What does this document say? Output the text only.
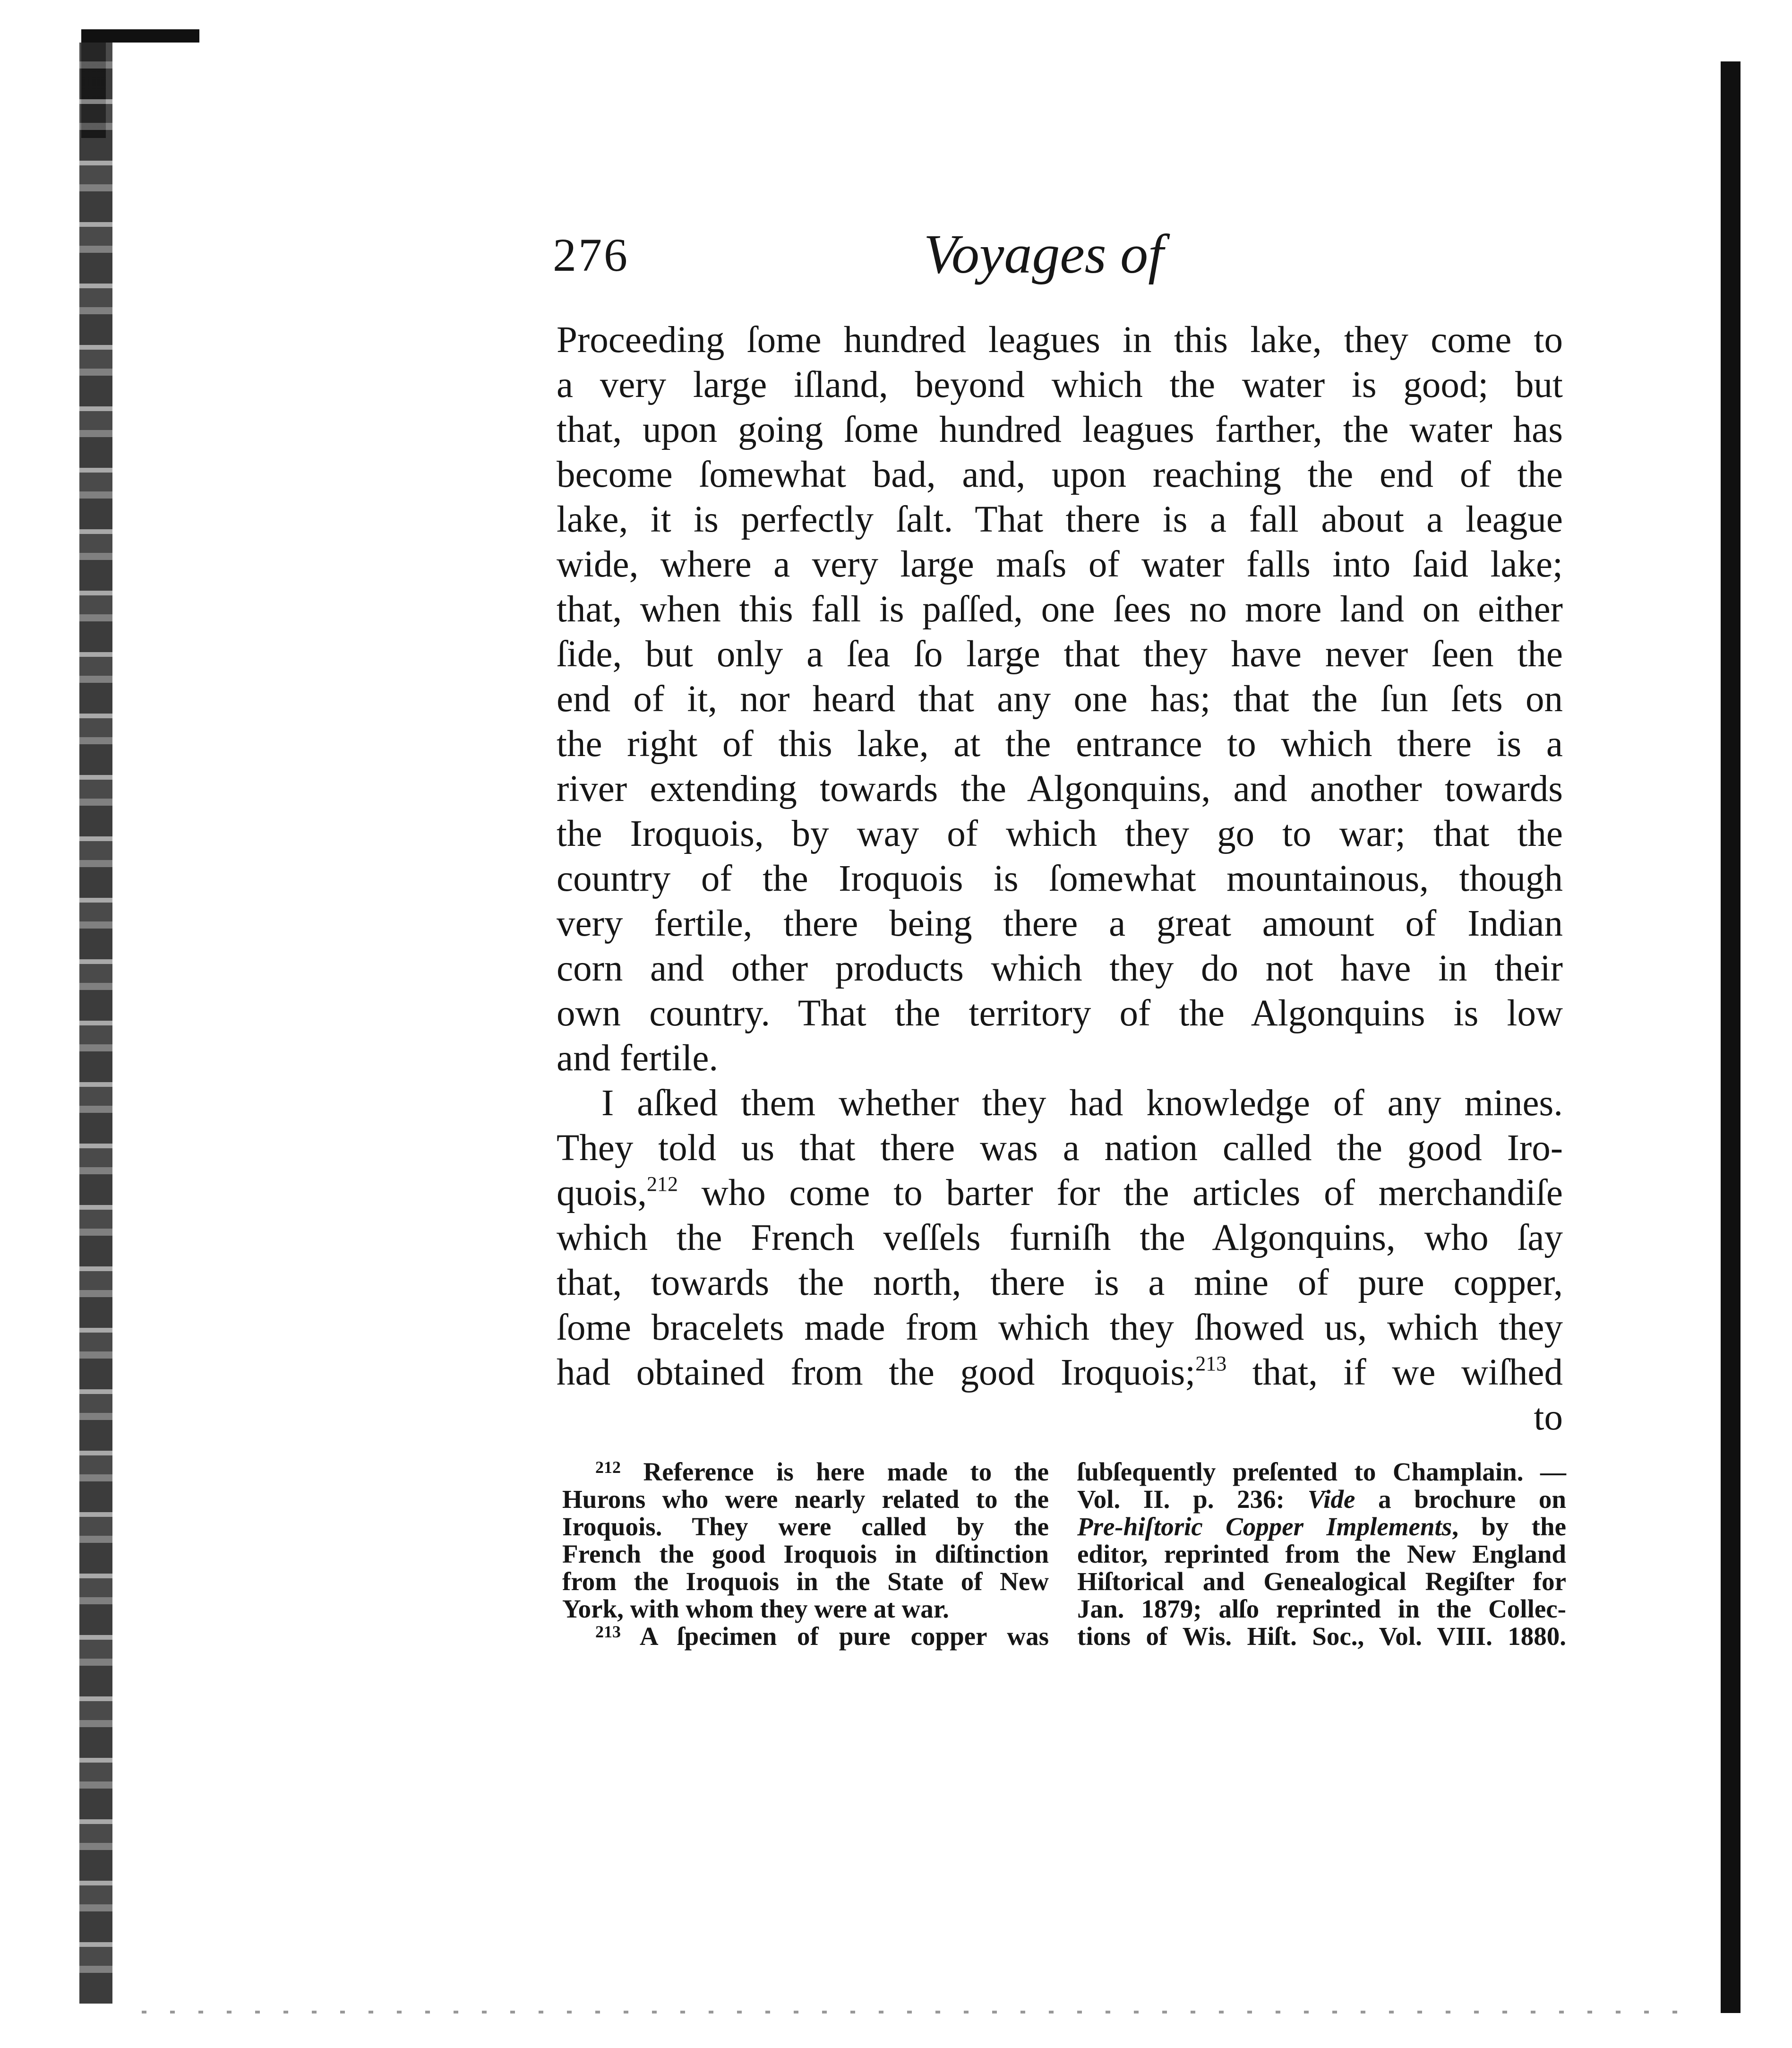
276	Voyages of
Proceeding ſome hundred leagues in this lake, they come to
a very large iſland, beyond which the water is good; but
that, upon going ſome hundred leagues farther, the water has
become ſomewhat bad, and, upon reaching the end of the
lake, it is perfectly ſalt. That there is a fall about a league
wide, where a very large maſs of water falls into ſaid lake;
that, when this fall is paſſed, one ſees no more land on either
ſide, but only a ſea ſo large that they have never ſeen the
end of it, nor heard that any one has; that the ſun ſets on
the right of this lake, at the entrance to which there is a
river extending towards the Algonquins, and another towards
the Iroquois, by way of which they go to war; that the
country of the Iroquois is ſomewhat mountainous, though
very fertile, there being there a great amount of Indian
corn and other products which they do not have in their
own country. That the territory of the Algonquins is low
and fertile.
I aſked them whether they had knowledge of any mines.
They told us that there was a nation called the good Iro-
quois,$^{212}$ who come to barter for the articles of merchandiſe
which the French veſſels furniſh the Algonquins, who ſay
that, towards the north, there is a mine of pure copper,
ſome bracelets made from which they ſhowed us, which they
had obtained from the good Iroquois;$^{213}$ that, if we wiſhed
to
$^{212}$ Reference is here made to the
Hurons who were nearly related to the
Iroquois. They were called by the
French the good Iroquois in diſtinction
from the Iroquois in the State of New
York, with whom they were at war.
$^{213}$ A ſpecimen of pure copper was
ſubſequently preſented to Champlain. —
Vol. II. p. 236: Vide a brochure on
Pre-hiſtoric Copper Implements, by the
editor, reprinted from the New England
Hiſtorical and Genealogical Regiſter for
Jan. 1879; alſo reprinted in the Collec-
tions of Wis. Hiſt. Soc., Vol. VIII. 1880.
